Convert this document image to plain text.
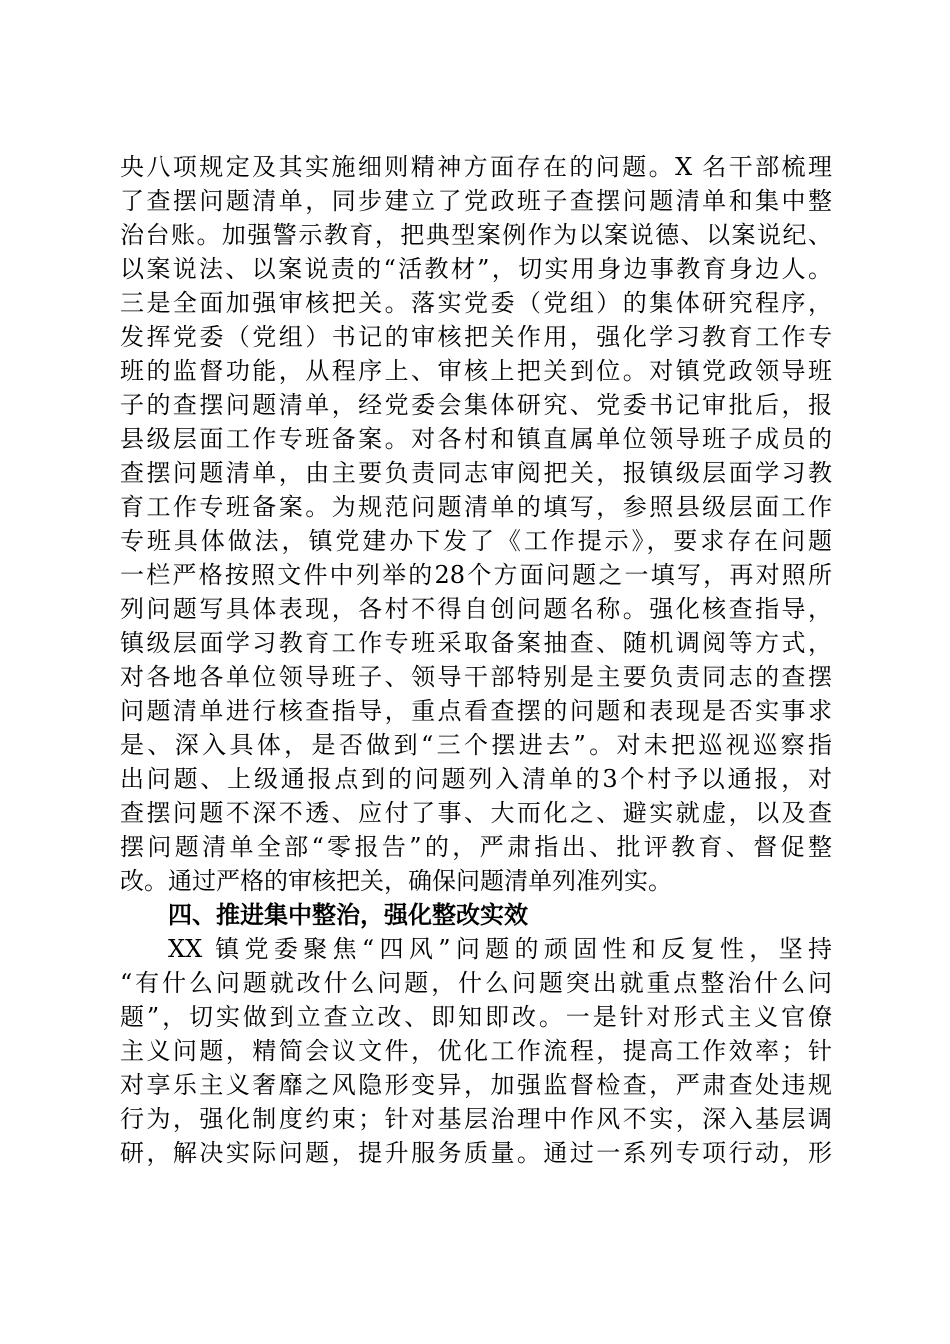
央八项规定及其实施细则精神方面存在的问题。X 名干部梳理
了查摆问题清单，同步建立了党政班子查摆问题清单和集中整
治台账。加强警示教育，把典型案例作为以案说德、以案说纪、
以案说法、以案说责的“活教材”，切实用身边事教育身边人。
三是全面加强审核把关。落实党委（党组）的集体研究程序，
发挥党委（党组）书记的审核把关作用，强化学习教育工作专
班的监督功能，从程序上、审核上把关到位。对镇党政领导班
子的查摆问题清单，经党委会集体研究、党委书记审批后，报
县级层面工作专班备案。对各村和镇直属单位领导班子成员的
查摆问题清单，由主要负责同志审阅把关，报镇级层面学习教
育工作专班备案。为规范问题清单的填写，参照县级层面工作
专班具体做法，镇党建办下发了《工作提示》，要求存在问题
一栏严格按照文件中列举的28个方面问题之一填写，再对照所
列问题写具体表现，各村不得自创问题名称。强化核查指导，
镇级层面学习教育工作专班采取备案抽查、随机调阅等方式，
对各地各单位领导班子、领导干部特别是主要负责同志的查摆
问题清单进行核查指导，重点看查摆的问题和表现是否实事求
是、深入具体，是否做到“三个摆进去”。对未把巡视巡察指
出问题、上级通报点到的问题列入清单的3个村予以通报，对
查摆问题不深不透、应付了事、大而化之、避实就虚，以及查
摆问题清单全部“零报告”的，严肃指出、批评教育、督促整
改。通过严格的审核把关，确保问题清单列准列实。
四、推进集中整治，强化整改实效
XX 镇党委聚焦“四风”问题的顽固性和反复性，坚持
“有什么问题就改什么问题，什么问题突出就重点整治什么问
题”，切实做到立查立改、即知即改。一是针对形式主义官僚
主义问题，精简会议文件，优化工作流程，提高工作效率；针
对享乐主义奢靡之风隐形变异，加强监督检查，严肃查处违规
行为，强化制度约束；针对基层治理中作风不实，深入基层调
研，解决实际问题，提升服务质量。通过一系列专项行动，形
